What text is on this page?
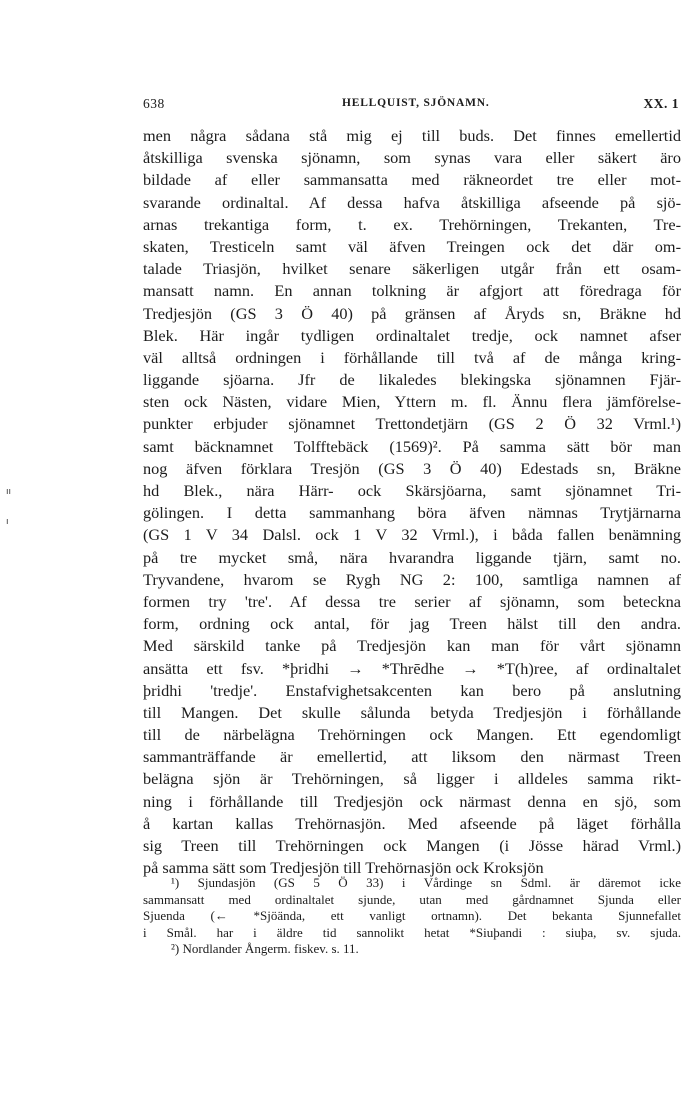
638	HELLQUIST, SJÖNAMN.	XX. 1
men några sådana stå mig ej till buds. Det finnes emellertid
åtskilliga svenska sjönamn, som synas vara eller säkert äro
bildade af eller sammansatta med räkneordet tre eller mot-
svarande ordinaltal. Af dessa hafva åtskilliga afseende på sjö-
arnas trekantiga form, t. ex. Trehörningen, Trekanten, Tre-
skaten, Tresticeln samt väl äfven Treingen ock det där om-
talade Triasjön, hvilket senare säkerligen utgår från ett osam-
mansatt namn. En annan tolkning är afgjort att föredraga för
Tredjesjön (GS 3 Ö 40) på gränsen af Åryds sn, Bräkne hd
Blek. Här ingår tydligen ordinaltalet tredje, ock namnet afser
väl alltså ordningen i förhållande till två af de många kring-
liggande sjöarna. Jfr de likaledes blekingska sjönamnen Fjär-
sten ock Nästen, vidare Mien, Yttern m. fl. Ännu flera jämförelse-
punkter erbjuder sjönamnet Trettondetjärn (GS 2 Ö 32 Vrml.¹)
samt bäcknamnet Tolfftebäck (1569)². På samma sätt bör man
nog äfven förklara Tresjön (GS 3 Ö 40) Edestads sn, Bräkne
hd Blek., nära Härr- ock Skärsjöarna, samt sjönamnet Tri-
gölingen. I detta sammanhang böra äfven nämnas Trytjärnarna
(GS 1 V 34 Dalsl. ock 1 V 32 Vrml.), i båda fallen benämning
på tre mycket små, nära hvarandra liggande tjärn, samt no.
Tryvandene, hvarom se Rygh NG 2: 100, samtliga namnen af
formen try 'tre'. Af dessa tre serier af sjönamn, som beteckna
form, ordning ock antal, för jag Treen hälst till den andra.
Med särskild tanke på Tredjesjön kan man för vårt sjönamn
ansätta ett fsv. *þridhi → *Thrēdhe → *T(h)ree, af ordinaltalet
þridhi 'tredje'. Enstafvighetsakcenten kan bero på anslutning
till Mangen. Det skulle sålunda betyda Tredjesjön i förhållande
till de närbelägna Trehörningen ock Mangen. Ett egendomligt
sammanträffande är emellertid, att liksom den närmast Treen
belägna sjön är Trehörningen, så ligger i alldeles samma rikt-
ning i förhållande till Tredjesjön ock närmast denna en sjö, som
å kartan kallas Trehörnasjön. Med afseende på läget förhålla
sig Treen till Trehörningen ock Mangen (i Jösse härad Vrml.)
på samma sätt som Tredjesjön till Trehörnasjön ock Kroksjön
¹) Sjundasjön (GS 5 Ö 33) i Vårdinge sn Sdml. är däremot icke
sammansatt med ordinaltalet sjunde, utan med gårdnamnet Sjunda eller
Sjuenda (← *Sjöända, ett vanligt ortnamn). Det bekanta Sjunnefallet
i Smål. har i äldre tid sannolikt hetat *Siuþandi : siuþa, sv. sjuda.
²) Nordlander Ångerm. fiskev. s. 11.
ıı
ı
